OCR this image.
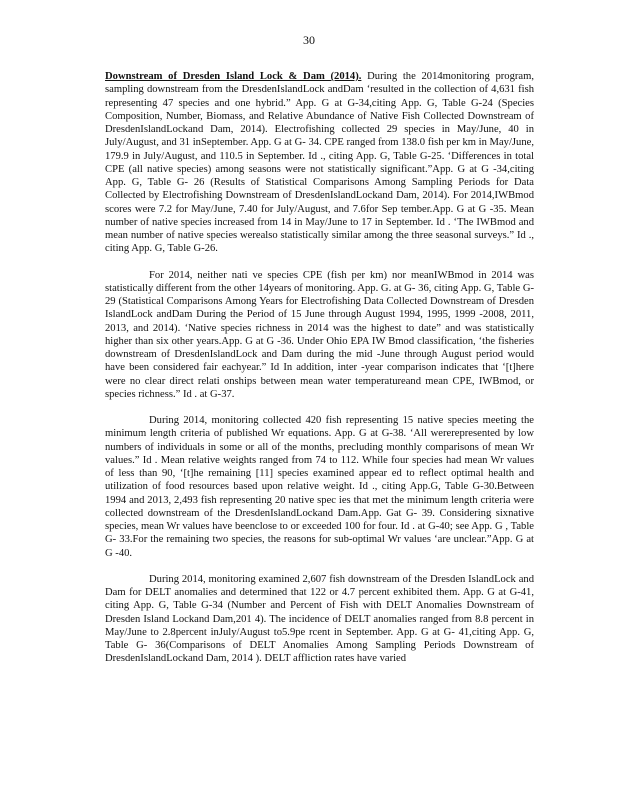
30

Downstream of Dresden Island Lock & Dam (2014). During the 2014monitoring program, sampling downstream from the DresdenIslandLock andDam ‘resulted in the collection of 4,631 fish representing 47 species and one hybrid.” App. G at G-34,citing App. G, Table G-24 (Species Composition, Number, Biomass, and Relative Abundance of Native Fish Collected Downstream of DresdenIslandLockand Dam, 2014). Electrofishing collected 29 species in May/June, 40 in July/August, and 31 inSeptember. App. G at G- 34. CPE ranged from 138.0 fish per km in May/June, 179.9 in July/August, and 110.5 in September. Id ., citing App. G, Table G-25. ‘Differences in total CPE (all native species) among seasons were not statistically significant.”App. G at G -34,citing App. G, Table G- 26 (Results of Statistical Comparisons Among Sampling Periods for Data Collected by Electrofishing Downstream of DresdenIslandLockand Dam, 2014). For 2014,IWBmod scores were 7.2 for May/June, 7.40 for July/August, and 7.6for Sep tember.App. G at G -35. Mean number of native species increased from 14 in May/June to 17 in September. Id . ‘The IWBmod and mean number of native species werealso statistically similar among the three seasonal surveys.” Id ., citing App. G, Table G-26.

For 2014, neither nati ve species CPE (fish per km) nor meanIWBmod in 2014 was statistically different from the other 14years of monitoring. App. G. at G- 36, citing App. G, Table G-29 (Statistical Comparisons Among Years for Electrofishing Data Collected Downstream of Dresden IslandLock andDam During the Period of 15 June through August 1994, 1995, 1999 -2008, 2011, 2013, and 2014). ‘Native species richness in 2014 was the highest to date” and was statistically higher than six other years.App. G at G -36. Under Ohio EPA IW Bmod classification, ‘the fisheries downstream of DresdenIslandLock and Dam during the mid -June through August period would have been considered fair eachyear.” Id In addition, inter -year comparison indicates that ‘[t]here were no clear direct relati onships between mean water temperatureand mean CPE, IWBmod, or species richness.” Id . at G-37.

During 2014, monitoring collected 420 fish representing 15 native species meeting the minimum length criteria of published Wr equations. App. G at G-38. ‘All wererepresented by low numbers of individuals in some or all of the months, precluding monthly comparisons of mean Wr values.” Id . Mean relative weights ranged from 74 to 112. While four species had mean Wr values of less than 90, ‘[t]he remaining [11] species examined appear ed to reflect optimal health and utilization of food resources based upon relative weight. Id ., citing App.G, Table G-30.Between 1994 and 2013, 2,493 fish representing 20 native spec ies that met the minimum length criteria were collected downstream of the DresdenIslandLockand Dam.App. Gat G- 39. Considering sixnative species, mean Wr values have beenclose to or exceeded 100 for four. Id . at G-40; see App. G , Table G- 33.For the remaining two species, the reasons for sub-optimal Wr values ‘are unclear.”App. G at G -40.

During 2014, monitoring examined 2,607 fish downstream of the Dresden IslandLock and Dam for DELT anomalies and determined that 122 or 4.7 percent exhibited them. App. G at G-41, citing App. G, Table G-34 (Number and Percent of Fish with DELT Anomalies Downstream of Dresden Island Lockand Dam,201 4). The incidence of DELT anomalies ranged from 8.8 percent in May/June to 2.8percent inJuly/August to5.9pe rcent in September. App. G at G- 41,citing App. G, Table G- 36(Comparisons of DELT Anomalies Among Sampling Periods Downstream of DresdenIslandLockand Dam, 2014 ). DELT affliction rates have varied
